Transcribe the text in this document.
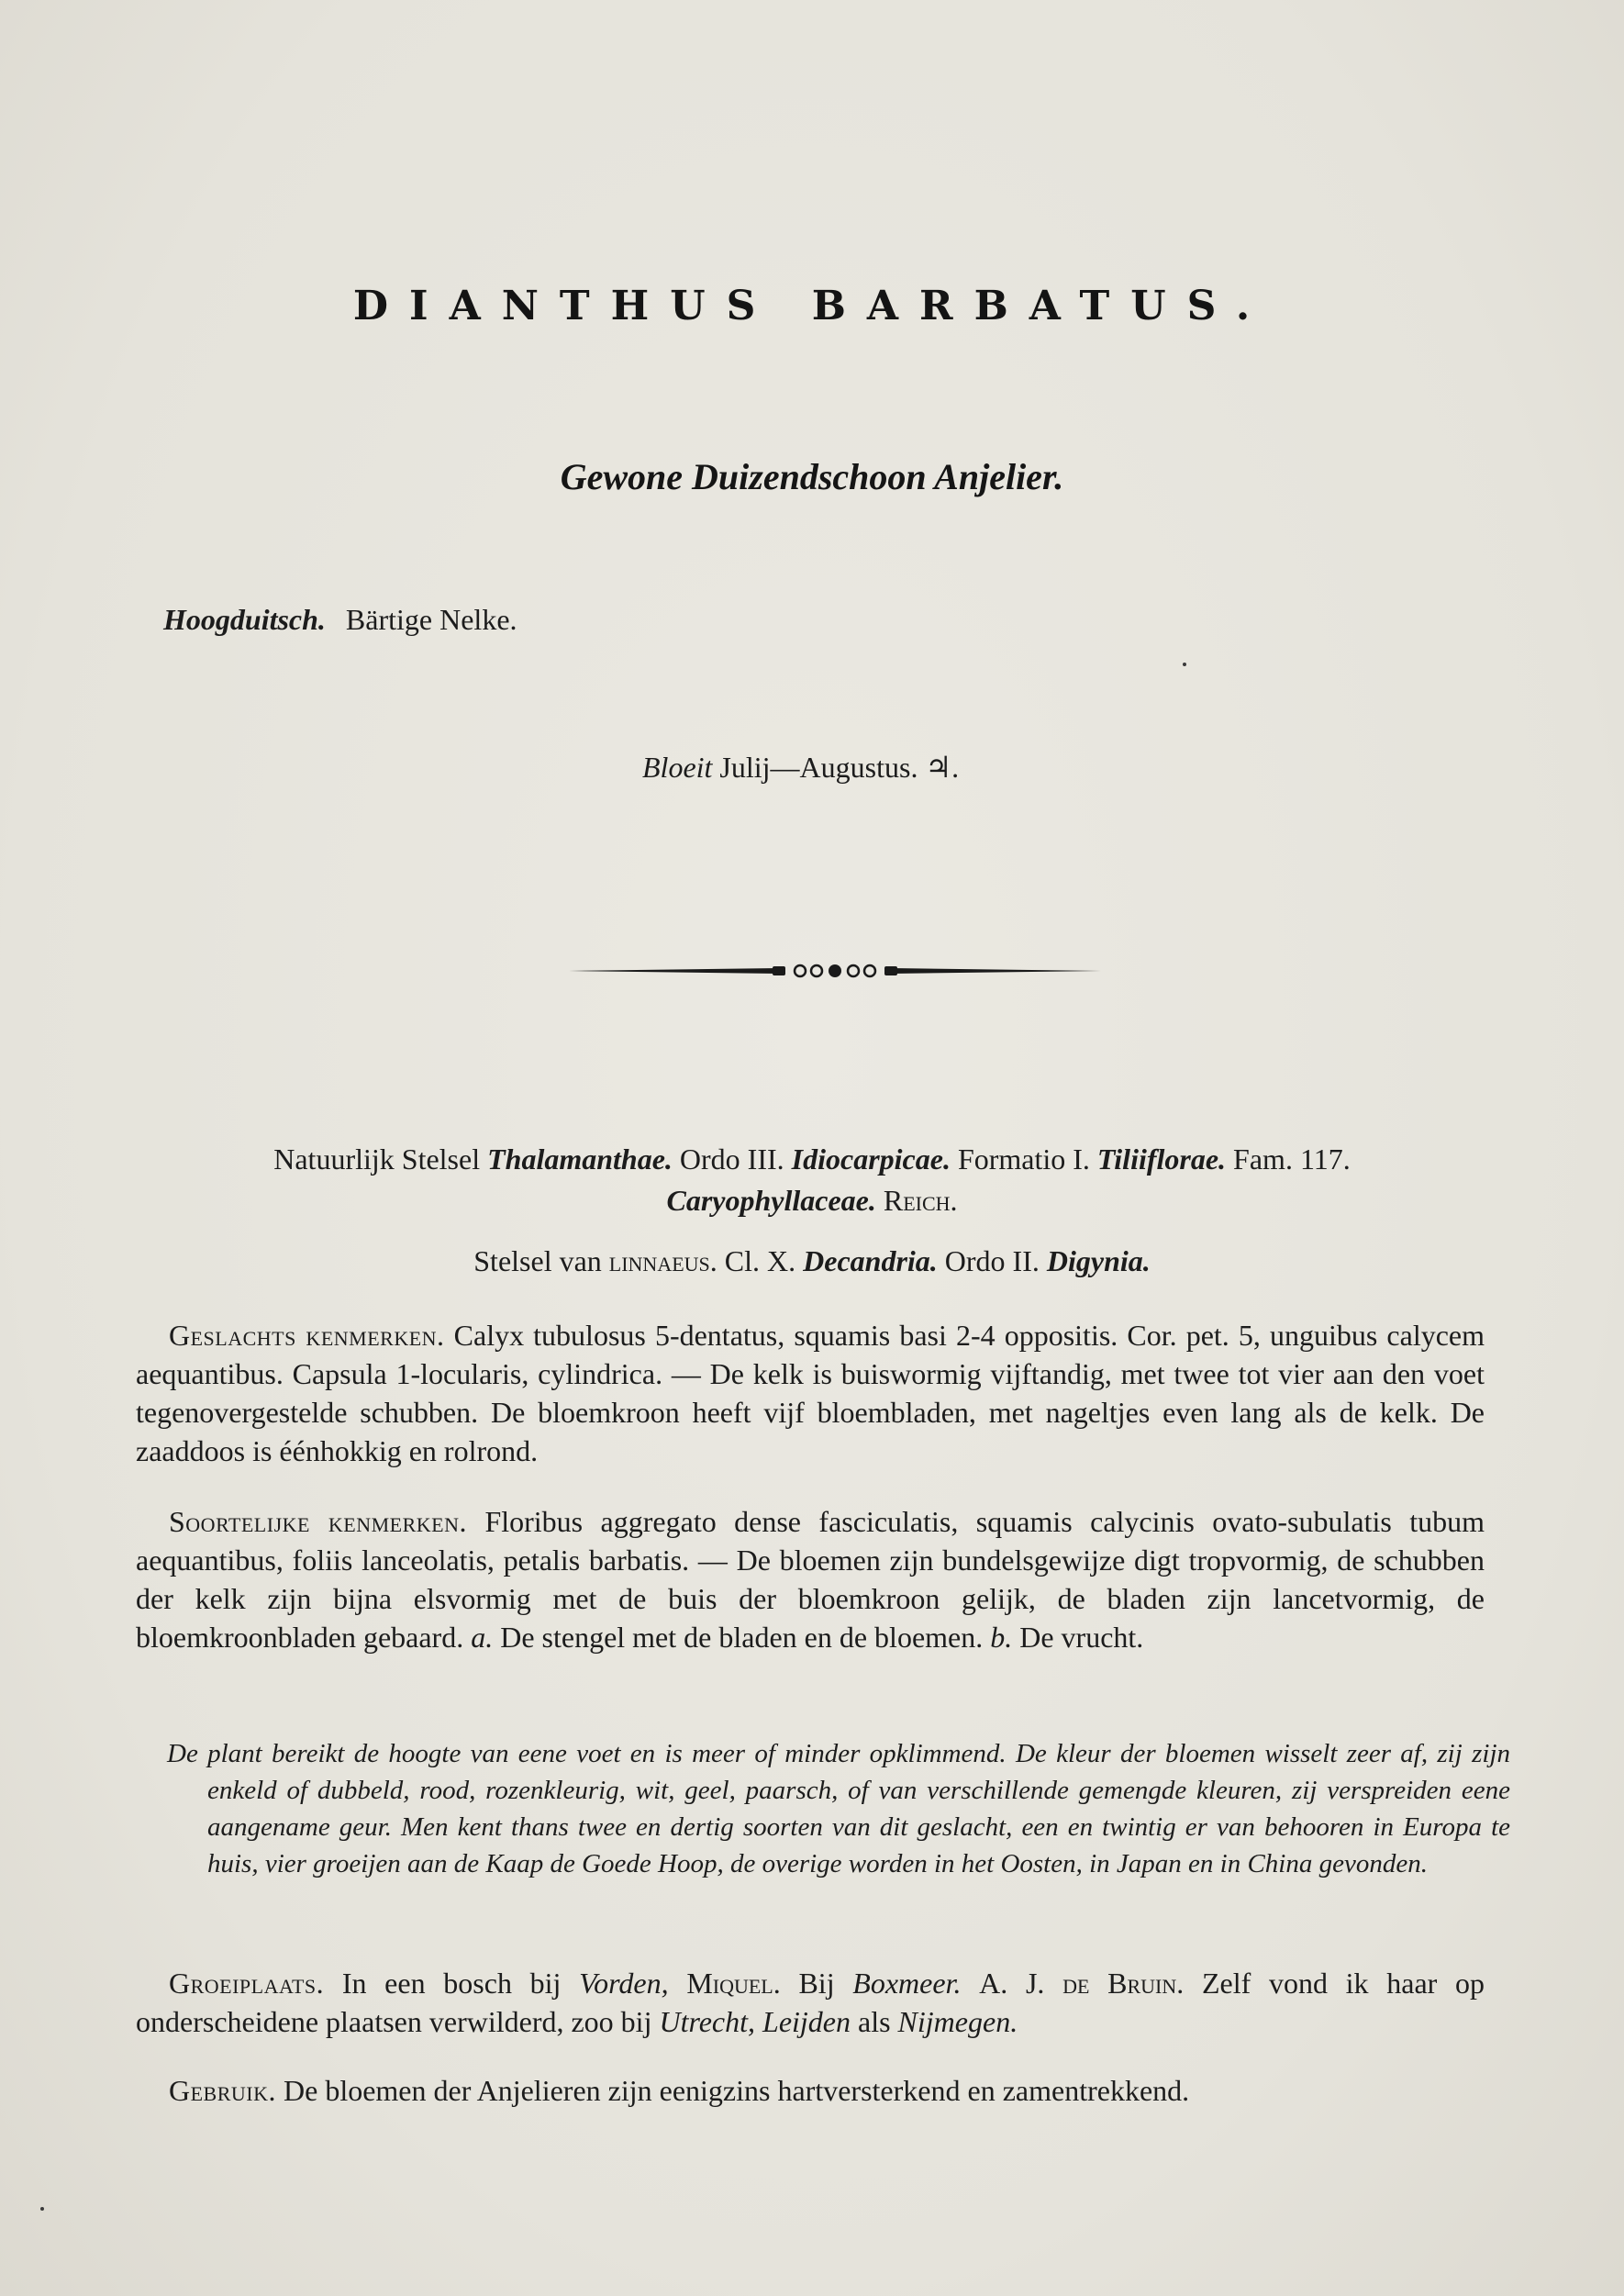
DIANTHUS BARBATUS.
Gewone Duizendschoon Anjelier.
Hoogduitsch. Bärtige Nelke.
Bloeit Julij—Augustus. ♃.
Natuurlijk Stelsel Thalamanthae. Ordo III. Idiocarpicae. Formatio I. Tiliiflorae. Fam. 117.
Caryophyllaceae. Reich.
Stelsel van linnaeus. Cl. X. Decandria. Ordo II. Digynia.
Geslachts kenmerken. Calyx tubulosus 5-dentatus, squamis basi 2-4 oppositis. Cor. pet. 5, unguibus calycem aequantibus. Capsula 1-locularis, cylindrica. — De kelk is buiswormig vijftandig, met twee tot vier aan den voet tegenovergestelde schubben. De bloemkroon heeft vijf bloembladen, met nageltjes even lang als de kelk. De zaaddoos is éénhokkig en rolrond.
Soortelijke kenmerken. Floribus aggregato dense fasciculatis, squamis calycinis ovato-subulatis tubum aequantibus, foliis lanceolatis, petalis barbatis. — De bloemen zijn bundelsgewijze digt tropvormig, de schubben der kelk zijn bijna elsvormig met de buis der bloemkroon gelijk, de bladen zijn lancetvormig, de bloemkroonbladen gebaard. a. De stengel met de bladen en de bloemen. b. De vrucht.
De plant bereikt de hoogte van eene voet en is meer of minder opklimmend. De kleur der bloemen wisselt zeer af, zij zijn enkeld of dubbeld, rood, rozenkleurig, wit, geel, paarsch, of van verschillende gemengde kleuren, zij verspreiden eene aangename geur. Men kent thans twee en dertig soorten van dit geslacht, een en twintig er van behooren in Europa te huis, vier groeijen aan de Kaap de Goede Hoop, de overige worden in het Oosten, in Japan en in China gevonden.
Groeiplaats. In een bosch bij Vorden, Miquel. Bij Boxmeer. A. J. de Bruin. Zelf vond ik haar op onderscheidene plaatsen verwilderd, zoo bij Utrecht, Leijden als Nijmegen.
Gebruik. De bloemen der Anjelieren zijn eenigzins hartversterkend en zamentrekkend.
